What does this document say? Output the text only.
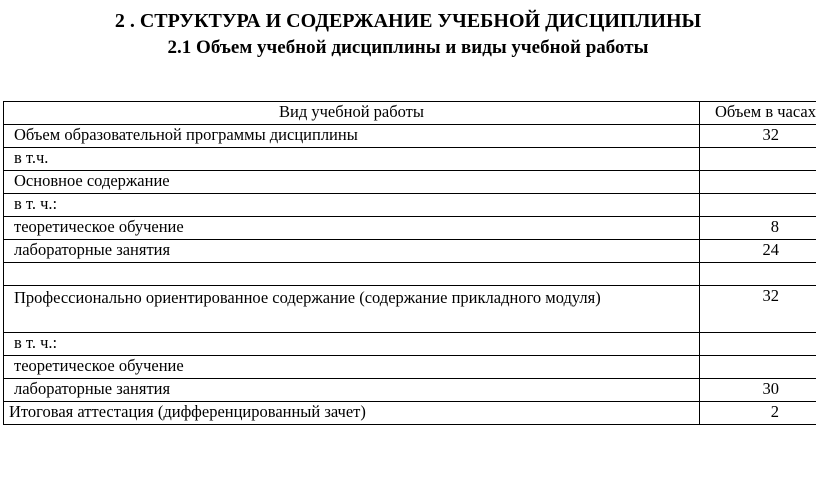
2 . СТРУКТУРА И СОДЕРЖАНИЕ УЧЕБНОЙ ДИСЦИПЛИНЫ
2.1 Объем учебной дисциплины и виды учебной работы
Вид учебной работы	Объем в часах
Объем образовательной программы дисциплины	32
в т.ч.	
Основное содержание	
в т. ч.:	
теоретическое обучение	8
лабораторные занятия	24

Профессионально ориентированное содержание (содержание прикладного модуля)	32
в т. ч.:	
теоретическое обучение	
лабораторные занятия	30
Итоговая аттестация (дифференцированный зачет)	2
